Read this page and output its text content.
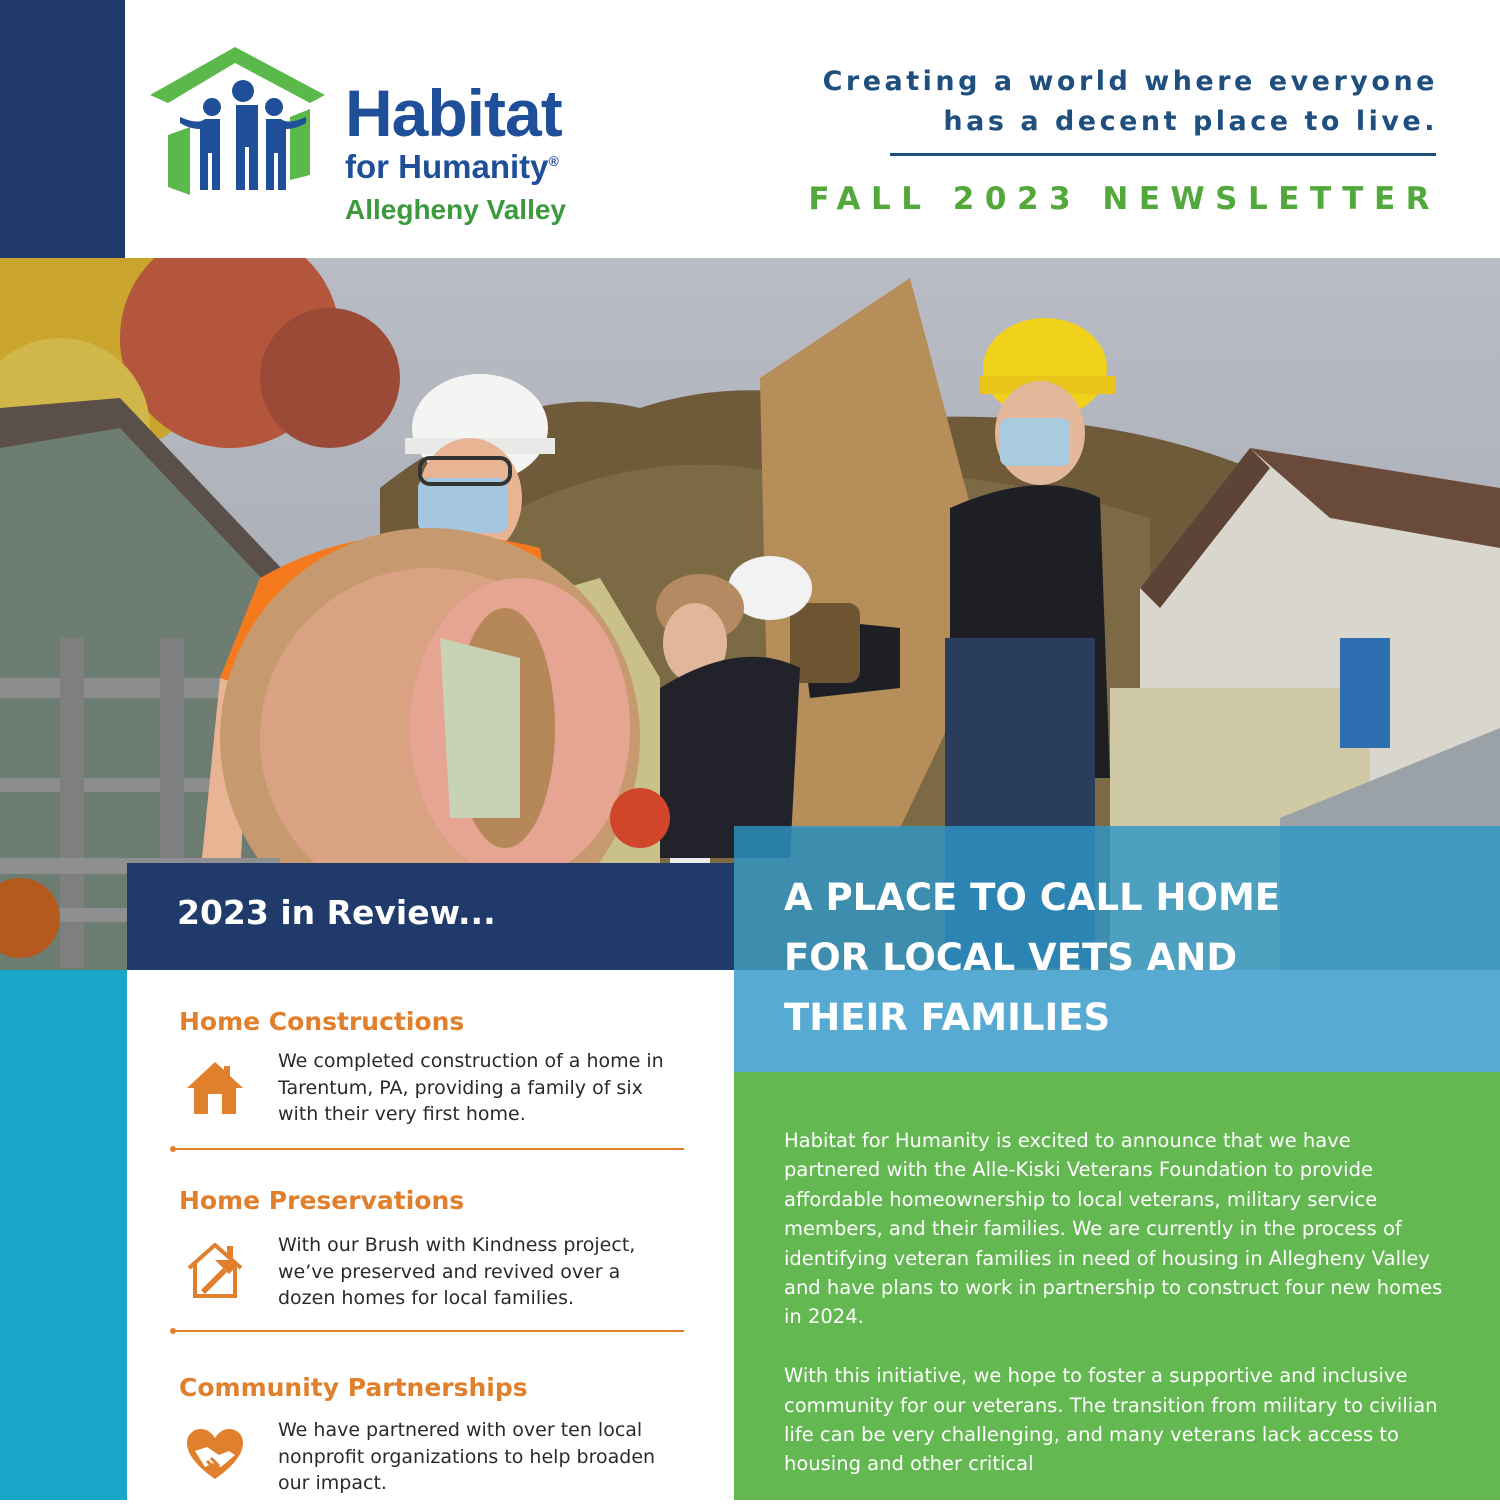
Habitat
for Humanity®
Allegheny Valley
Creating a world where everyone
has a decent place to live.
FALL 2023 NEWSLETTER
2023 in Review...
Home Constructions
We completed construction of a home in Tarentum, PA, providing a family of six with their very first home.
Home Preservations
With our Brush with Kindness project, we’ve preserved and revived over a dozen homes for local families.
Community Partnerships
We have partnered with over ten local nonprofit organizations to help broaden our impact.
A PLACE TO CALL HOME
FOR LOCAL VETS AND
THEIR FAMILIES

Habitat for Humanity is excited to announce that we have partnered with the Alle-Kiski Veterans Foundation to provide affordable homeownership to local veterans, military service members, and their families. We are currently in the process of identifying veteran families in need of housing in Allegheny Valley and have plans to work in partnership to construct four new homes in 2024.

With this initiative, we hope to foster a supportive and inclusive community for our veterans. The transition from military to civilian life can be very challenging, and many veterans lack access to housing and other critical
